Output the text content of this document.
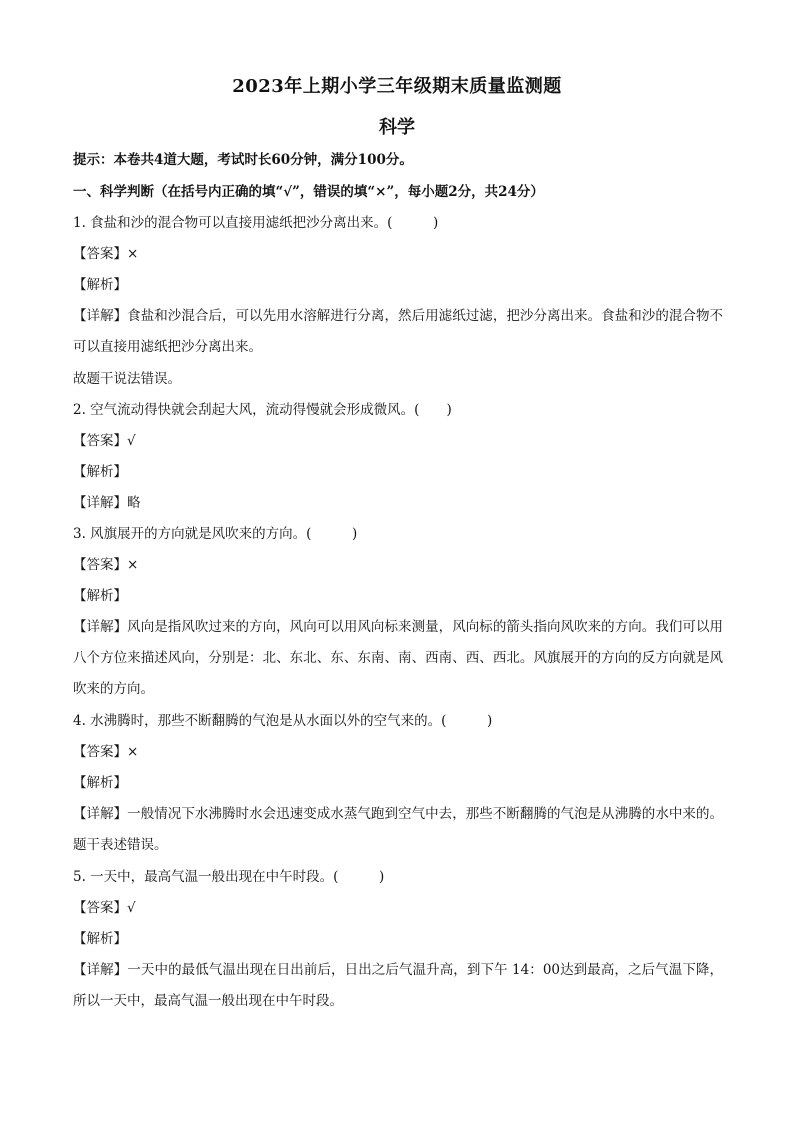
2023年上期小学三年级期末质量监测题
科学
提示：本卷共4道大题，考试时长60分钟，满分100分。
一、科学判断（在括号内正确的填“√”，错误的填“×”，每小题2分，共24分）
1. 食盐和沙的混合物可以直接用滤纸把沙分离出来。(　　　)
【答案】×
【解析】
【详解】食盐和沙混合后，可以先用水溶解进行分离，然后用滤纸过滤，把沙分离出来。食盐和沙的混合物不可以直接用滤纸把沙分离出来。
故题干说法错误。
2. 空气流动得快就会刮起大风，流动得慢就会形成微风。(　　)
【答案】√
【解析】
【详解】略
3. 风旗展开的方向就是风吹来的方向。(　　　)
【答案】×
【解析】
【详解】风向是指风吹过来的方向，风向可以用风向标来测量，风向标的箭头指向风吹来的方向。我们可以用八个方位来描述风向，分别是：北、东北、东、东南、南、西南、西、西北。风旗展开的方向的反方向就是风吹来的方向。
4. 水沸腾时，那些不断翻腾的气泡是从水面以外的空气来的。(　　　)
【答案】×
【解析】
【详解】一般情况下水沸腾时水会迅速变成水蒸气跑到空气中去，那些不断翻腾的气泡是从沸腾的水中来的。题干表述错误。
5. 一天中，最高气温一般出现在中午时段。(　　　)
【答案】√
【解析】
【详解】一天中的最低气温出现在日出前后，日出之后气温升高，到下午 14：00达到最高，之后气温下降，所以一天中，最高气温一般出现在中午时段。
